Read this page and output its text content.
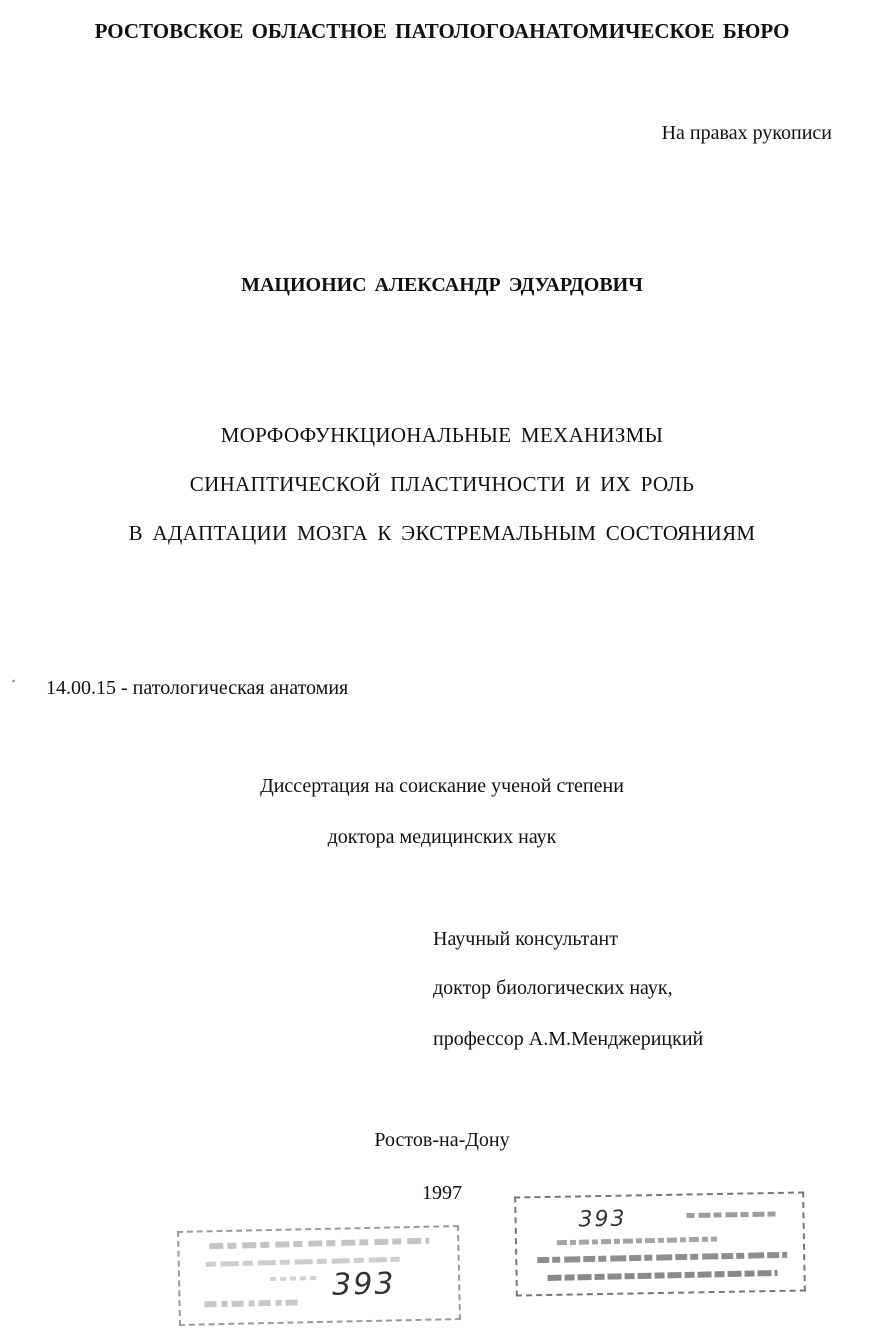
РОСТОВСКОЕ ОБЛАСТНОЕ ПАТОЛОГОАНАТОМИЧЕСКОЕ БЮРО
На правах рукописи
МАЦИОНИС АЛЕКСАНДР ЭДУАРДОВИЧ
МОРФОФУНКЦИОНАЛЬНЫЕ МЕХАНИЗМЫ
СИНАПТИЧЕСКОЙ ПЛАСТИЧНОСТИ И ИХ РОЛЬ
В АДАПТАЦИИ МОЗГА К ЭКСТРЕМАЛЬНЫМ СОСТОЯНИЯМ
14.00.15 - патологическая анатомия
Диссертация на соискание ученой степени
доктора медицинских наук
Научный консультант
доктор биологических наук,
профессор А.М.Менджерицкий
Ростов-на-Дону
1997
393
393
